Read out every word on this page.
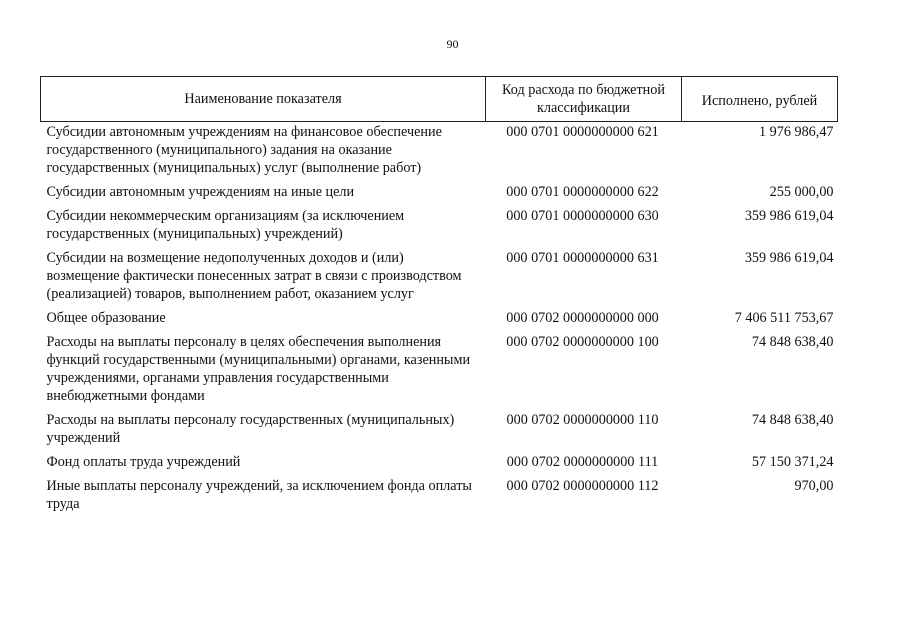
90
Наименование показателя	Код расхода по бюджетной классификации	Исполнено, рублей
Субсидии автономным учреждениям на финансовое обеспечение государственного (муниципального) задания на оказание государственных (муниципальных) услуг (выполнение работ)	000 0701 0000000000 621	1 976 986,47
Субсидии автономным учреждениям на иные цели	000 0701 0000000000 622	255 000,00
Субсидии некоммерческим организациям (за исключением государственных (муниципальных) учреждений)	000 0701 0000000000 630	359 986 619,04
Субсидии на возмещение недополученных доходов и (или) возмещение фактически понесенных затрат в связи с производством (реализацией) товаров, выполнением работ, оказанием услуг	000 0701 0000000000 631	359 986 619,04
Общее образование	000 0702 0000000000 000	7 406 511 753,67
Расходы на выплаты персоналу в целях обеспечения выполнения функций государственными (муниципальными) органами, казенными учреждениями, органами управления государственными внебюджетными фондами	000 0702 0000000000 100	74 848 638,40
Расходы на выплаты персоналу государственных (муниципальных) учреждений	000 0702 0000000000 110	74 848 638,40
Фонд оплаты труда учреждений	000 0702 0000000000 111	57 150 371,24
Иные выплаты персоналу учреждений, за исключением фонда оплаты труда	000 0702 0000000000 112	970,00
